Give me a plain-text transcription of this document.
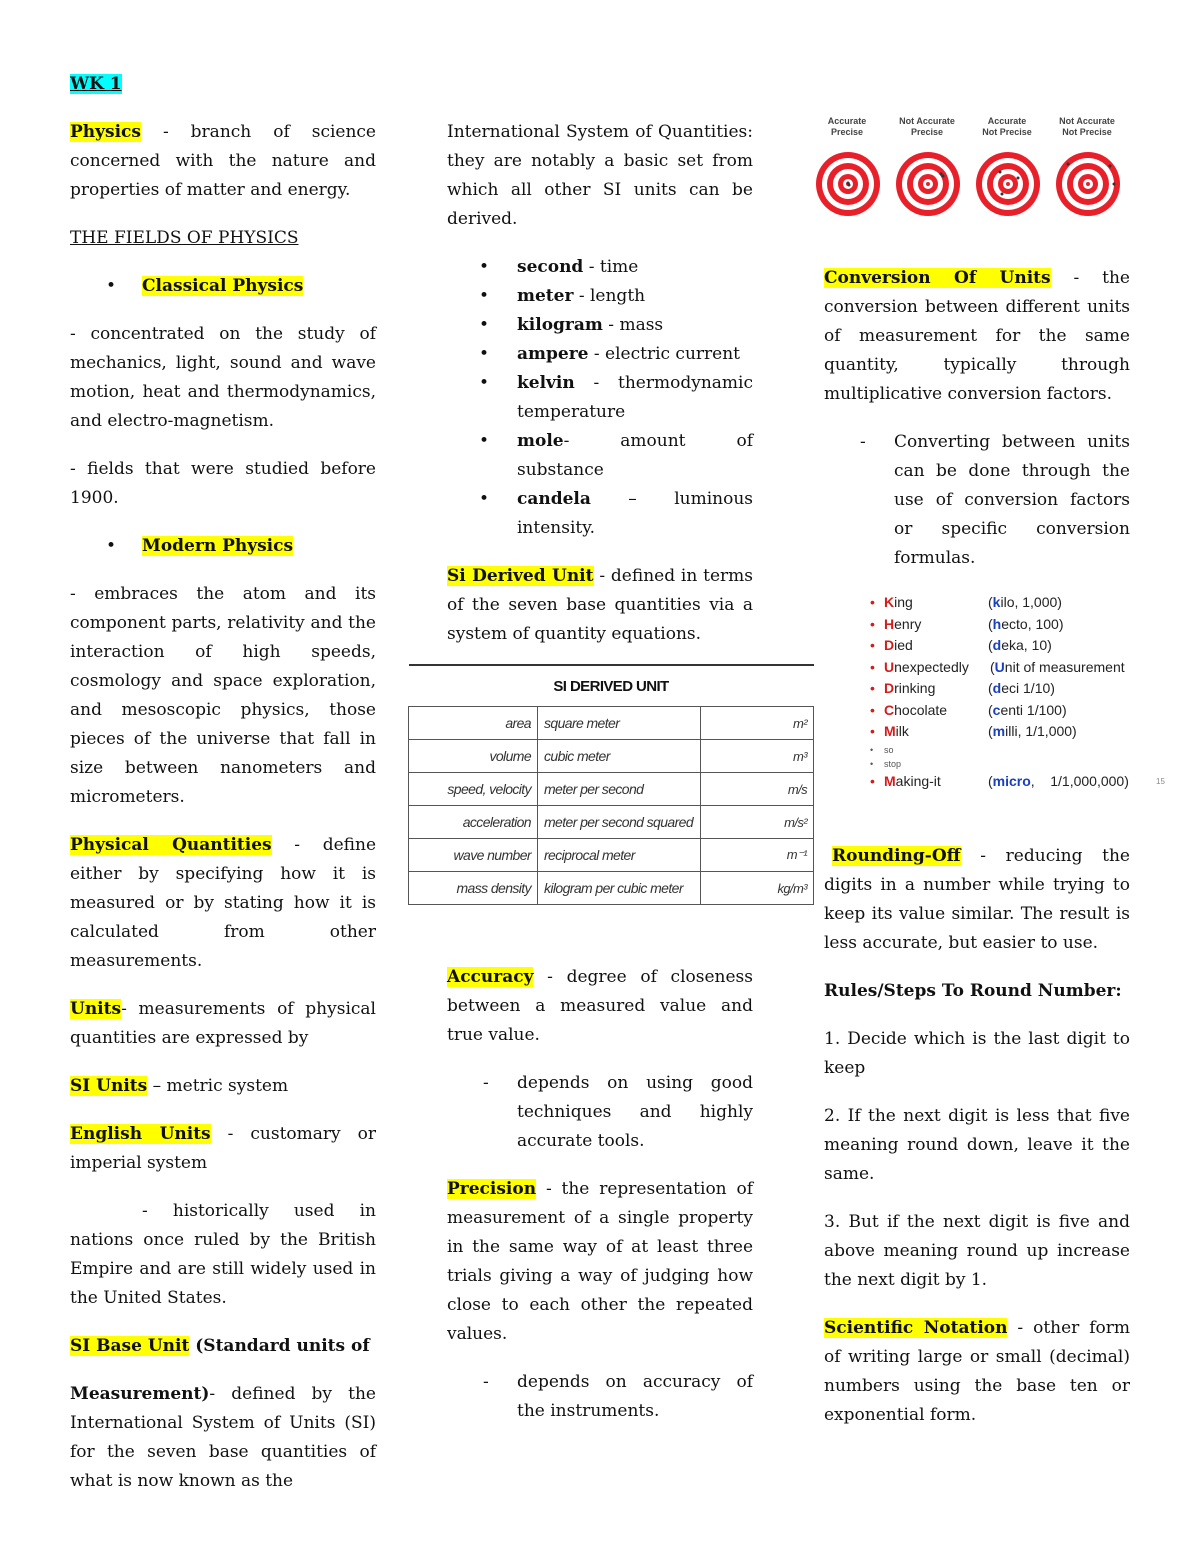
WK 1

Physics - branch of science concerned with the nature and properties of matter and energy.

THE FIELDS OF PHYSICS

• Classical Physics

- concentrated on the study of mechanics, light, sound and wave motion, heat and thermodynamics, and electro-magnetism.

- fields that were studied before 1900.

• Modern Physics

- embraces the atom and its component parts, relativity and the interaction of high speeds, cosmology and space exploration, and mesoscopic physics, those pieces of the universe that fall in size between nanometers and micrometers.

Physical Quantities - define either by specifying how it is measured or by stating how it is calculated from other measurements.

Units- measurements of physical quantities are expressed by

SI Units – metric system

English Units - customary or imperial system

- historically used in nations once ruled by the British Empire and are still widely used in the United States.

SI Base Unit (Standard units of

Measurement)- defined by the International System of Units (SI) for the seven base quantities of what is now known as the

International System of Quantities: they are notably a basic set from which all other SI units can be derived.

• second - time
• meter - length
• kilogram - mass
• ampere - electric current
• kelvin - thermodynamic temperature
• mole- amount of substance
• candela – luminous intensity.

Si Derived Unit - defined in terms of the seven base quantities via a system of quantity equations.

SI DERIVED UNIT		
area	square meter	m²
volume	cubic meter	m³
speed, velocity	meter per second	m/s
acceleration	meter per second squared	m/s²
wave number	reciprocal meter	m⁻¹
mass density	kilogram per cubic meter	kg/m³

Accuracy - degree of closeness between a measured value and true value.

- depends on using good techniques and highly accurate tools.

Precision - the representation of measurement of a single property in the same way of at least three trials giving a way of judging how close to each other the repeated values.

- depends on accuracy of the instruments.
Accurate
Precise
Not Accurate
Precise
Accurate
Not Precise
Not Accurate
Not Precise

Conversion Of Units - the conversion between different units of measurement for the same quantity, typically through multiplicative conversion factors.

- Converting between units can be done through the use of conversion factors or specific conversion formulas.
• King	(kilo, 1,000)
• Henry	(hecto, 100)
• Died	(deka, 10)
• Unexpectedly (Unit of measurement
• Drinking	(deci 1/10)
• Chocolate	(centi 1/100)
• Milk	(milli, 1/1,000)
• so
• stop
• Making-it	(micro,    1/1,000,000)	15

Rounding-Off - reducing the digits in a number while trying to keep its value similar. The result is less accurate, but easier to use.

Rules/Steps To Round Number:

1. Decide which is the last digit to keep

2. If the next digit is less that five meaning round down, leave it the same.

3. But if the next digit is five and above meaning round up increase the next digit by 1.

Scientific Notation - other form of writing large or small (decimal) numbers using the base ten or exponential form.
